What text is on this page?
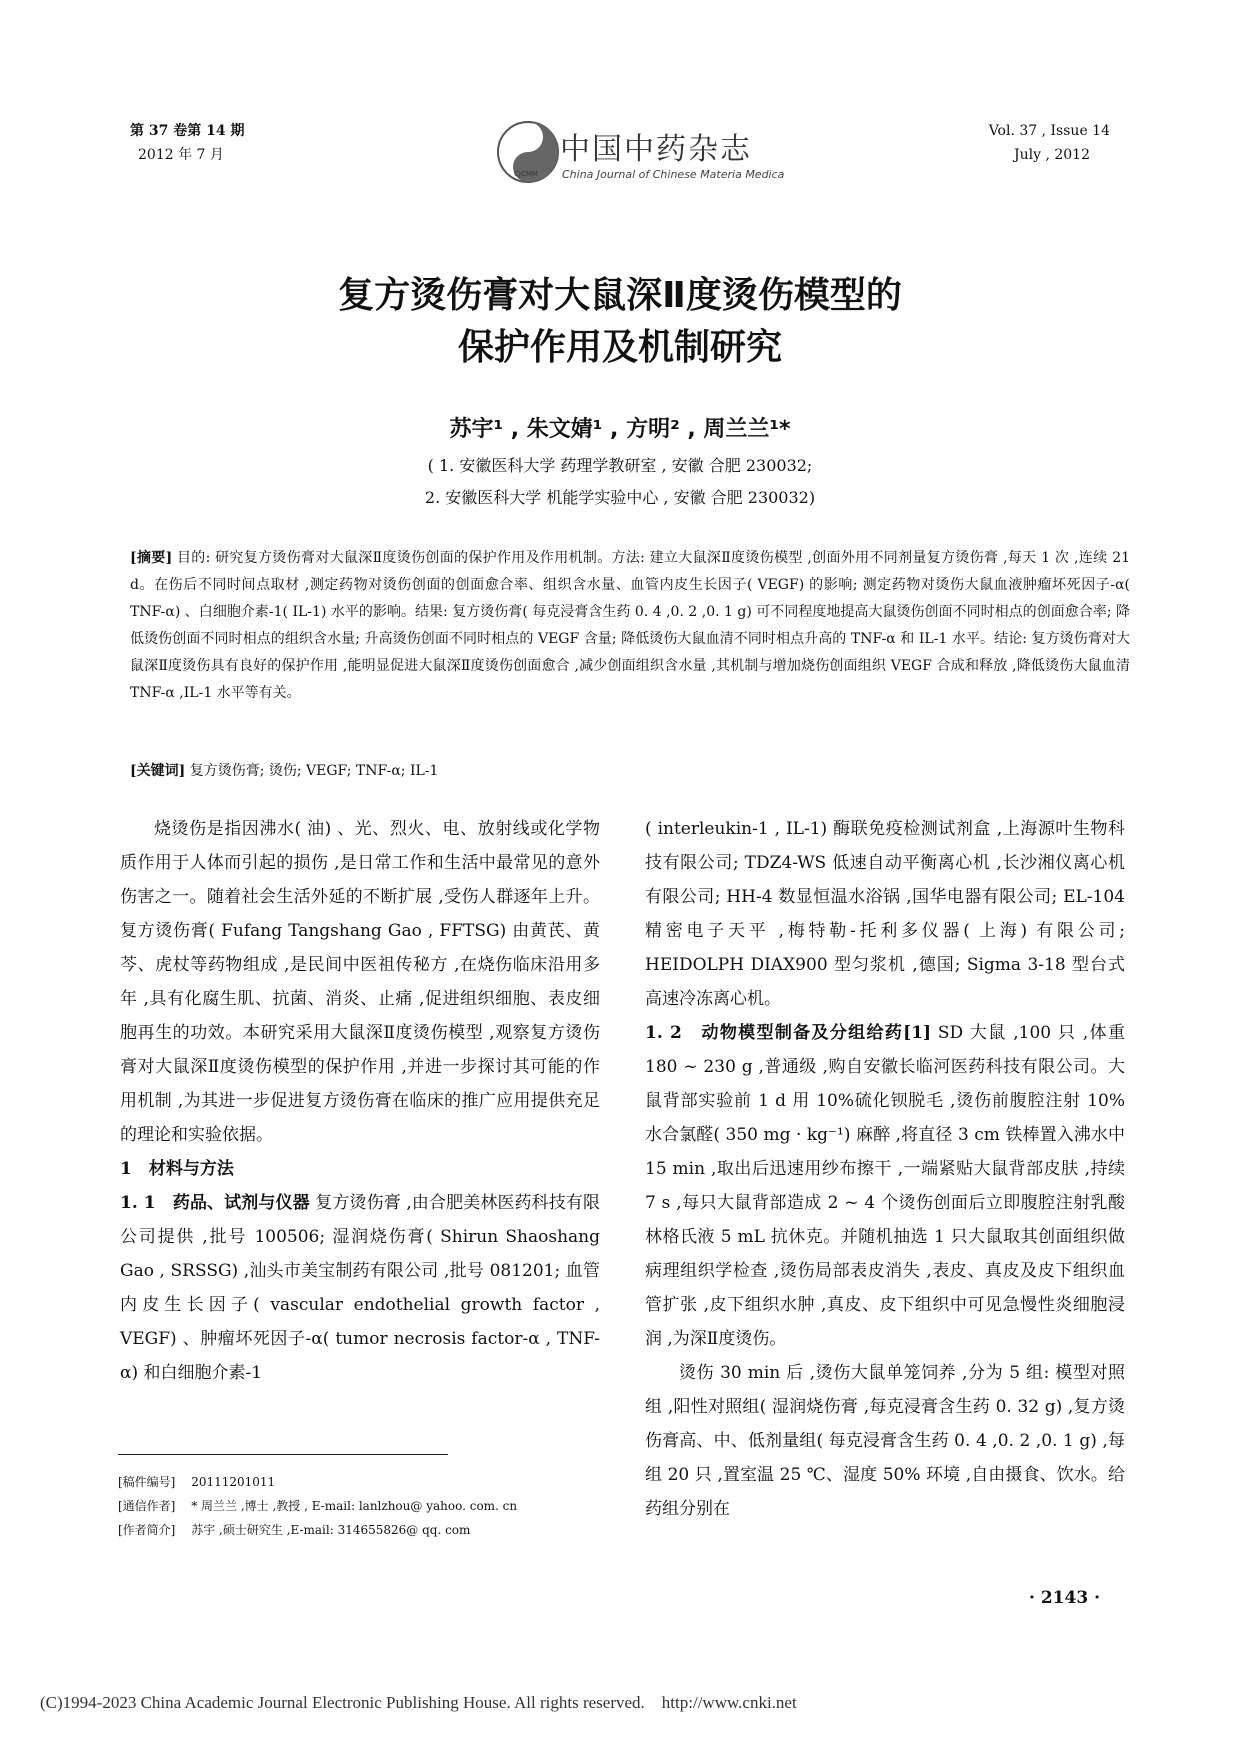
第 37 卷第 14 期
2012 年 7 月
CJCMM
中国中药杂志
China Journal of Chinese Materia Medica
Vol. 37 , Issue 14
July , 2012
复方烫伤膏对大鼠深Ⅱ度烫伤模型的
保护作用及机制研究
苏宇¹ , 朱文婧¹ , 方明² , 周兰兰¹*
( 1. 安徽医科大学 药理学教研室 , 安徽 合肥 230032;
2. 安徽医科大学 机能学实验中心 , 安徽 合肥 230032)
[摘要] 目的: 研究复方烫伤膏对大鼠深Ⅱ度烫伤创面的保护作用及作用机制。方法: 建立大鼠深Ⅱ度烫伤模型 ,创面外用不同剂量复方烫伤膏 ,每天 1 次 ,连续 21 d。在伤后不同时间点取材 ,测定药物对烫伤创面的创面愈合率、组织含水量、血管内皮生长因子( VEGF) 的影响; 测定药物对烫伤大鼠血液肿瘤坏死因子-α( TNF-α) 、白细胞介素-1( IL-1) 水平的影响。结果: 复方烫伤膏( 每克浸膏含生药 0. 4 ,0. 2 ,0. 1 g) 可不同程度地提高大鼠烫伤创面不同时相点的创面愈合率; 降低烫伤创面不同时相点的组织含水量; 升高烫伤创面不同时相点的 VEGF 含量; 降低烫伤大鼠血清不同时相点升高的 TNF-α 和 IL-1 水平。结论: 复方烫伤膏对大鼠深Ⅱ度烫伤具有良好的保护作用 ,能明显促进大鼠深Ⅱ度烫伤创面愈合 ,减少创面组织含水量 ,其机制与增加烧伤创面组织 VEGF 合成和释放 ,降低烫伤大鼠血清 TNF-α ,IL-1 水平等有关。
[关键词] 复方烫伤膏; 烫伤; VEGF; TNF-α; IL-1

烧烫伤是指因沸水( 油) 、光、烈火、电、放射线或化学物质作用于人体而引起的损伤 ,是日常工作和生活中最常见的意外伤害之一。随着社会生活外延的不断扩展 ,受伤人群逐年上升。复方烫伤膏( Fufang Tangshang Gao , FFTSG) 由黄芪、黄芩、虎杖等药物组成 ,是民间中医祖传秘方 ,在烧伤临床沿用多年 ,具有化腐生肌、抗菌、消炎、止痛 ,促进组织细胞、表皮细胞再生的功效。本研究采用大鼠深Ⅱ度烫伤模型 ,观察复方烫伤膏对大鼠深Ⅱ度烫伤模型的保护作用 ,并进一步探讨其可能的作用机制 ,为其进一步促进复方烫伤膏在临床的推广应用提供充足的理论和实验依据。

1　材料与方法

1. 1　药品、试剂与仪器 复方烫伤膏 ,由合肥美林医药科技有限公司提供 ,批号 100506; 湿润烧伤膏( Shirun Shaoshang Gao , SRSSG) ,汕头市美宝制药有限公司 ,批号 081201; 血管内皮生长因子( vascular endothelial growth factor , VEGF) 、肿瘤坏死因子-α( tumor necrosis factor-α , TNF-α) 和白细胞介素-1

( interleukin-1 , IL-1) 酶联免疫检测试剂盒 ,上海源叶生物科技有限公司; TDZ4-WS 低速自动平衡离心机 ,长沙湘仪离心机有限公司; HH-4 数显恒温水浴锅 ,国华电器有限公司; EL-104 精密电子天平 ,梅特勒-托利多仪器( 上海) 有限公司; HEIDOLPH DIAX900 型匀浆机 ,德国; Sigma 3-18 型台式高速冷冻离心机。

1. 2　动物模型制备及分组给药[1] SD 大鼠 ,100 只 ,体重 180 ~ 230 g ,普通级 ,购自安徽长临河医药科技有限公司。大鼠背部实验前 1 d 用 10%硫化钡脱毛 ,烫伤前腹腔注射 10% 水合氯醛( 350 mg · kg⁻¹) 麻醉 ,将直径 3 cm 铁棒置入沸水中 15 min ,取出后迅速用纱布擦干 ,一端紧贴大鼠背部皮肤 ,持续 7 s ,每只大鼠背部造成 2 ~ 4 个烫伤创面后立即腹腔注射乳酸林格氏液 5 mL 抗休克。并随机抽选 1 只大鼠取其创面组织做病理组织学检查 ,烫伤局部表皮消失 ,表皮、真皮及皮下组织血管扩张 ,皮下组织水肿 ,真皮、皮下组织中可见急慢性炎细胞浸润 ,为深Ⅱ度烫伤。

烫伤 30 min 后 ,烫伤大鼠单笼饲养 ,分为 5 组: 模型对照组 ,阳性对照组( 湿润烧伤膏 ,每克浸膏含生药 0. 32 g) ,复方烫伤膏高、中、低剂量组( 每克浸膏含生药 0. 4 ,0. 2 ,0. 1 g) ,每组 20 只 ,置室温 25 ℃、湿度 50% 环境 ,自由摄食、饮水。给药组分别在

[稿件编号]　 20111201011
[通信作者]　 * 周兰兰 ,博士 ,教授 , E-mail: lanlzhou@ yahoo. com. cn
[作者简介]　 苏宇 ,硕士研究生 ,E-mail: 314655826@ qq. com
· 2143 ·
(C)1994-2023 China Academic Journal Electronic Publishing House. All rights reserved.　http://www.cnki.net
